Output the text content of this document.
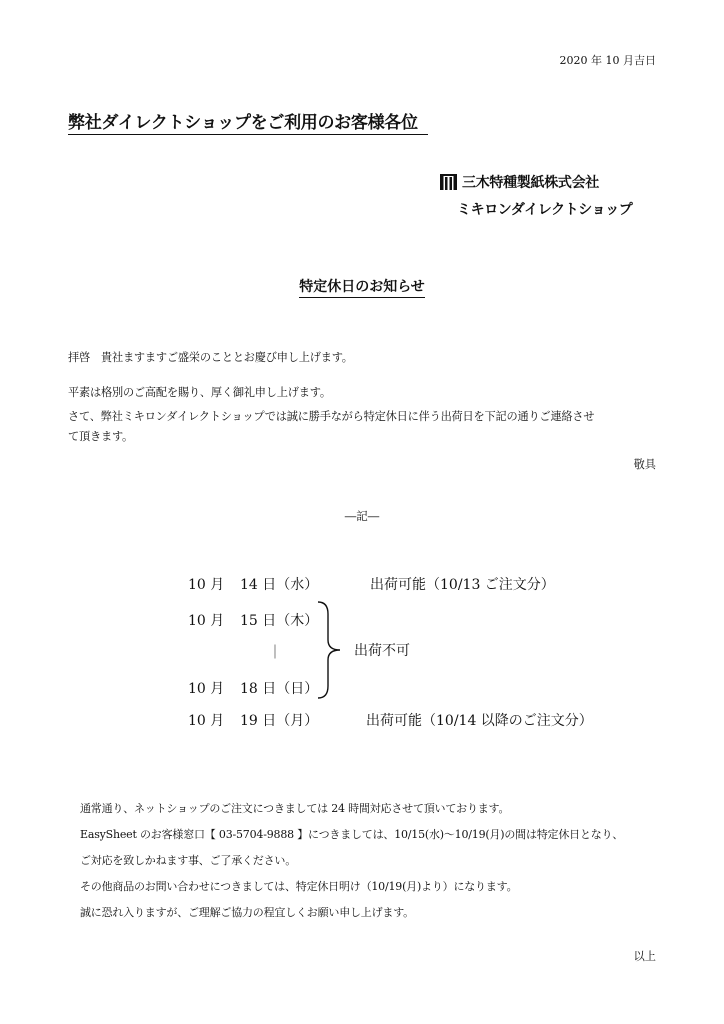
2020 年 10 月吉日
弊社ダイレクトショップをご利用のお客様各位
三木特種製紙株式会社
ミキロンダイレクトショップ
特定休日のお知らせ
拝啓　貴社ますますご盛栄のこととお慶び申し上げます。
平素は格別のご高配を賜り、厚く御礼申し上げます。
さて、弊社ミキロンダイレクトショップでは誠に勝手ながら特定休日に伴う出荷日を下記の通りご連絡させ
て頂きます。
敬具
―記―
10 月 14 日（水）	出荷可能（10/13 ご注文分）
10 月 15 日（木）
｜
10 月 18 日（日）
出荷不可
10 月 19 日（月）	出荷可能（10/14 以降のご注文分）
通常通り、ネットショップのご注文につきましては 24 時間対応させて頂いております。
EasySheet のお客様窓口【 03-5704-9888 】につきましては、10/15(水)～10/19(月)の間は特定休日となり、
ご対応を致しかねます事、ご了承ください。
その他商品のお問い合わせにつきましては、特定休日明け（10/19(月)より）になります。
誠に恐れ入りますが、ご理解ご協力の程宜しくお願い申し上げます。
以上
